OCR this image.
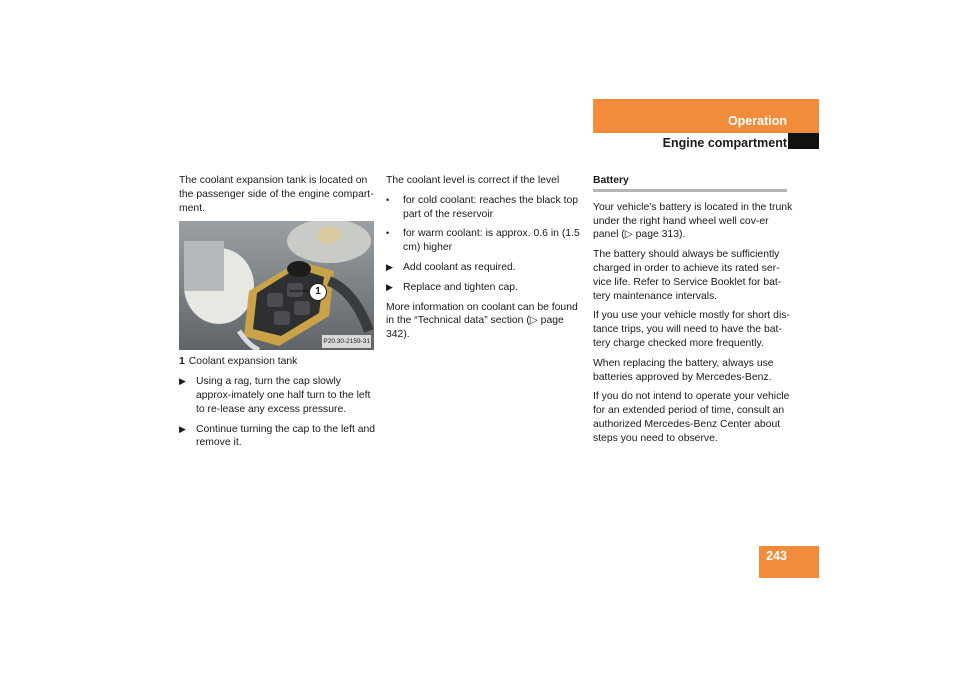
Operation
Engine compartment

The coolant expansion tank is located on the passenger side of the engine compart-ment.

1
P20.30-2159-31

1 Coolant expansion tank

▶ Using a rag, turn the cap slowly approx-imately one half turn to the left to re-lease any excess pressure.
▶ Continue turning the cap to the left and remove it.

The coolant level is correct if the level

• for cold coolant: reaches the black top part of the reservoir
• for warm coolant: is approx. 0.6 in (1.5 cm) higher
▶ Add coolant as required.
▶ Replace and tighten cap.

More information on coolant can be found in the “Technical data” section (▷ page 342).

Battery

Your vehicle’s battery is located in the trunk under the right hand wheel well cov-er panel (▷ page 313).

The battery should always be sufficiently charged in order to achieve its rated ser-vice life. Refer to Service Booklet for bat-tery maintenance intervals.

If you use your vehicle mostly for short dis-tance trips, you will need to have the bat-tery charge checked more frequently.

When replacing the battery, always use batteries approved by Mercedes-Benz.

If you do not intend to operate your vehicle for an extended period of time, consult an authorized Mercedes-Benz Center about steps you need to observe.

243
